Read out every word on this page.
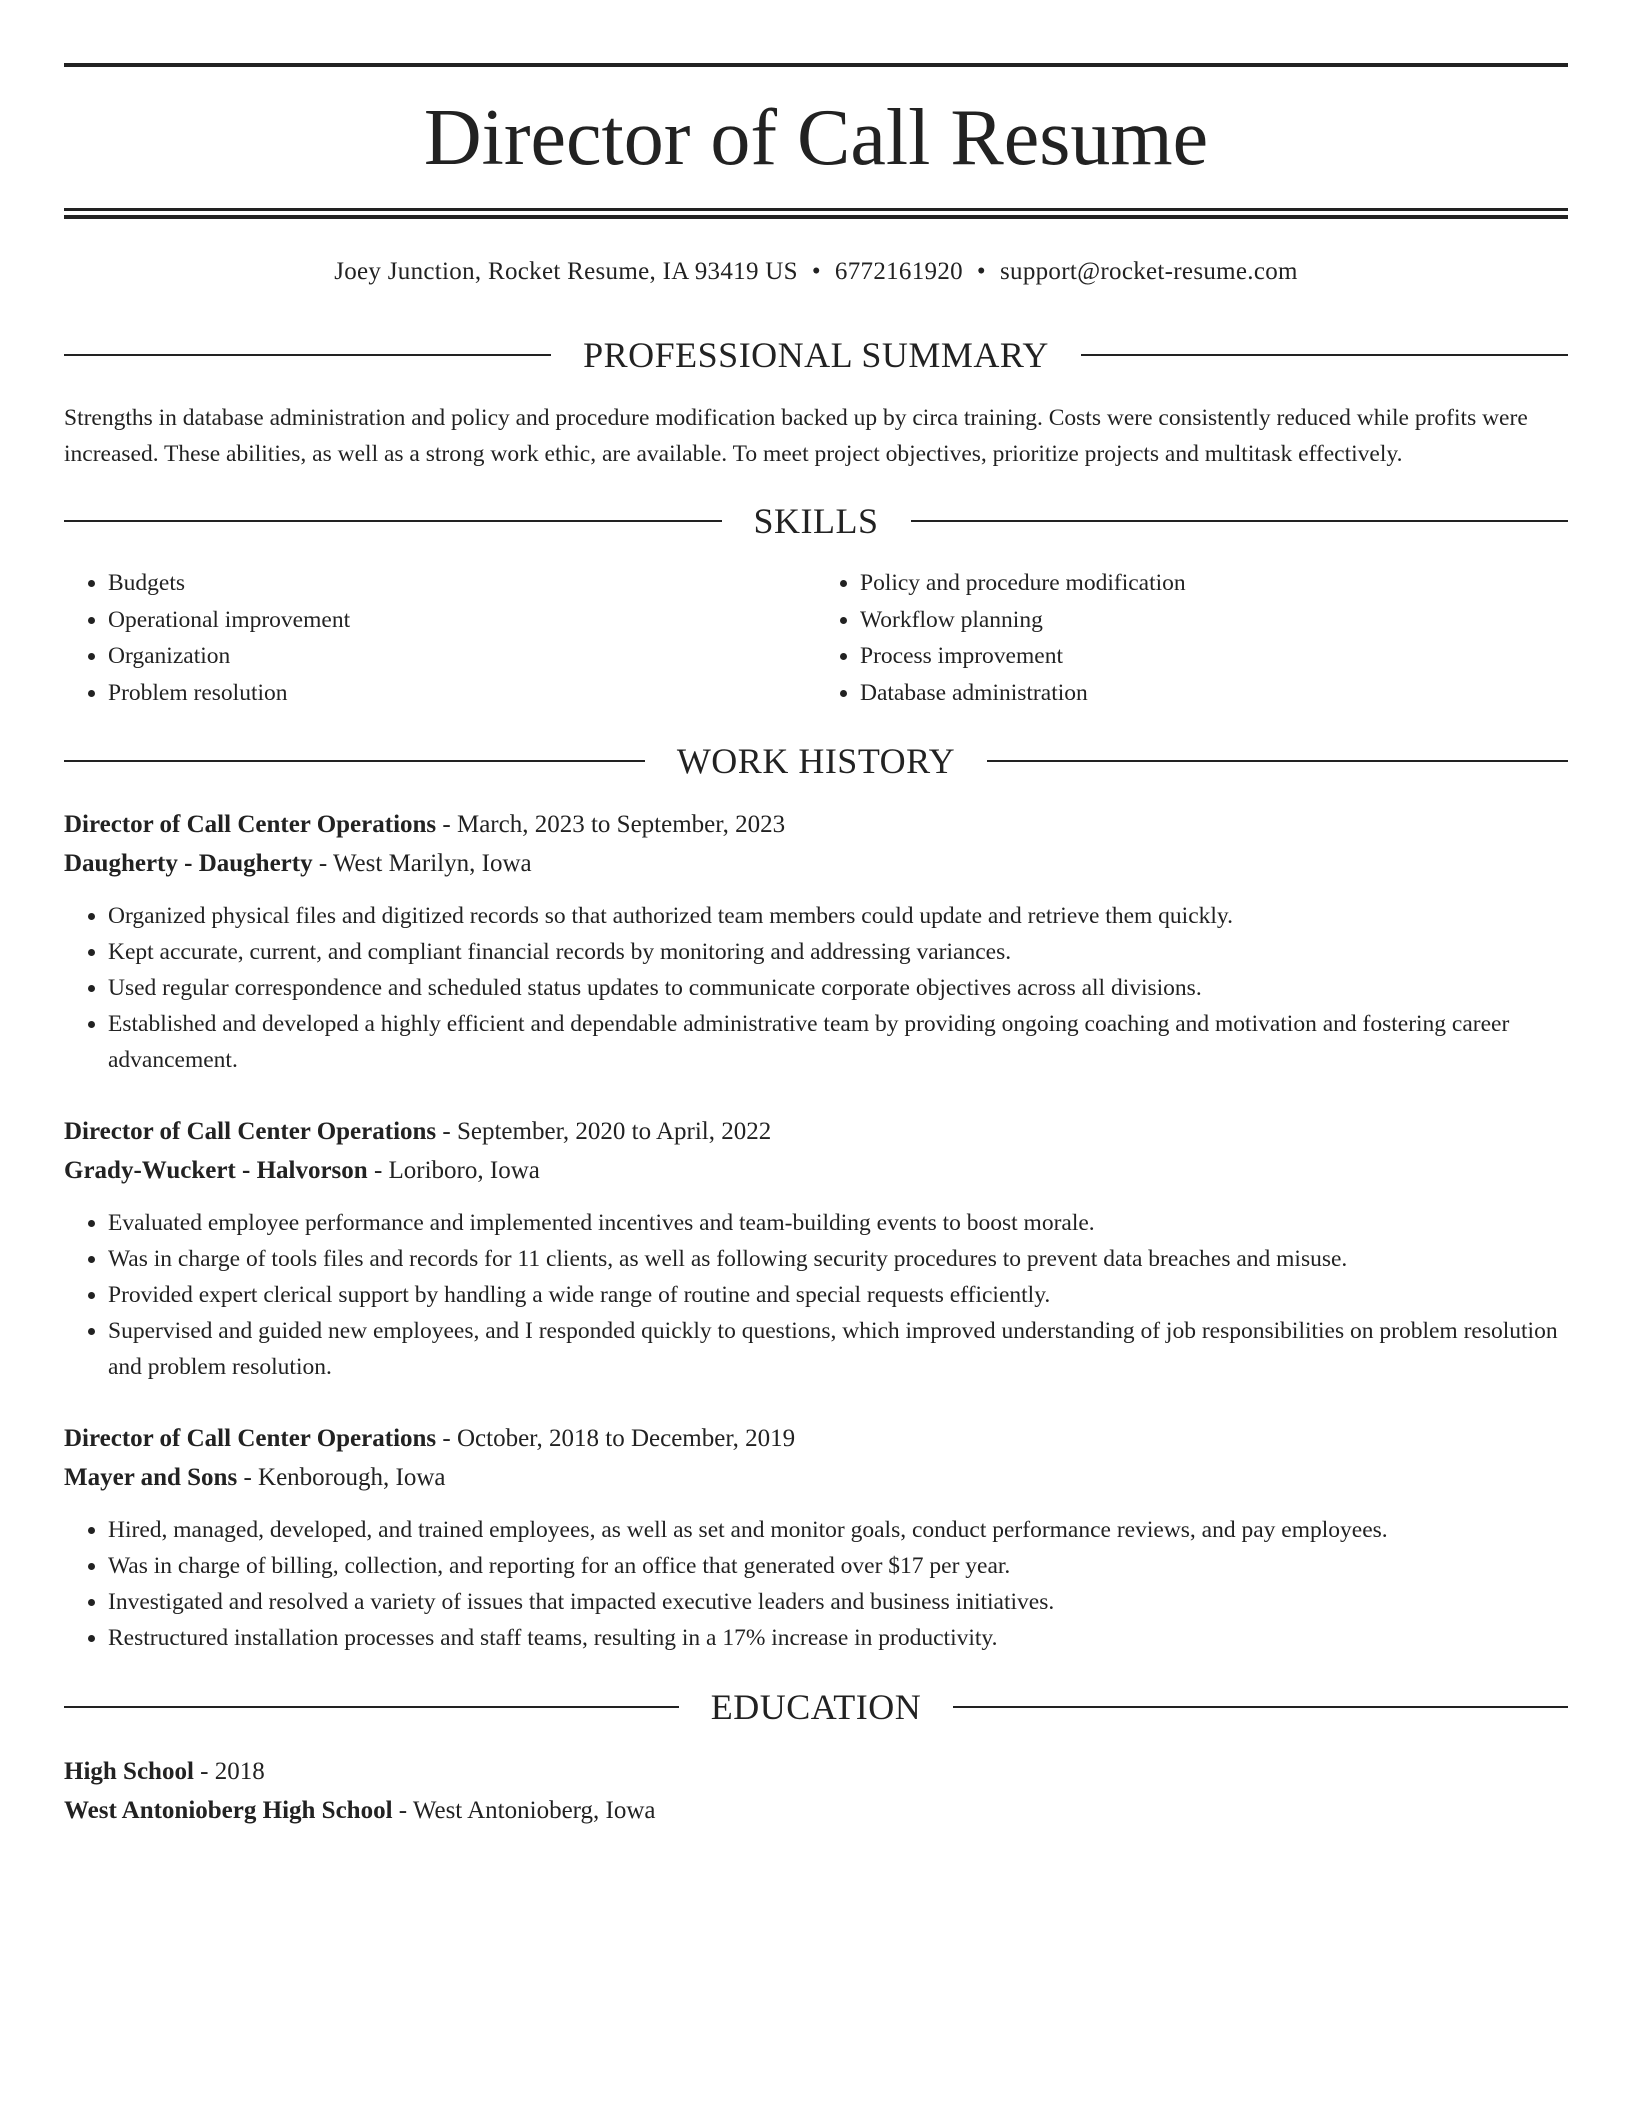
Director of Call Resume
Joey Junction, Rocket Resume, IA 93419 US • 6772161920 • support@rocket-resume.com
PROFESSIONAL SUMMARY

Strengths in database administration and policy and procedure modification backed up by circa training. Costs were consistently reduced while profits were increased. These abilities, as well as a strong work ethic, are available. To meet project objectives, prioritize projects and multitask effectively.

SKILLS
• Budgets
• Operational improvement
• Organization
• Problem resolution
• Policy and procedure modification
• Workflow planning
• Process improvement
• Database administration
WORK HISTORY
Director of Call Center Operations - March, 2023 to September, 2023
Daugherty - Daugherty - West Marilyn, Iowa
• Organized physical files and digitized records so that authorized team members could update and retrieve them quickly.
• Kept accurate, current, and compliant financial records by monitoring and addressing variances.
• Used regular correspondence and scheduled status updates to communicate corporate objectives across all divisions.
• Established and developed a highly efficient and dependable administrative team by providing ongoing coaching and motivation and fostering career advancement.
Director of Call Center Operations - September, 2020 to April, 2022
Grady-Wuckert - Halvorson - Loriboro, Iowa
• Evaluated employee performance and implemented incentives and team-building events to boost morale.
• Was in charge of tools files and records for 11 clients, as well as following security procedures to prevent data breaches and misuse.
• Provided expert clerical support by handling a wide range of routine and special requests efficiently.
• Supervised and guided new employees, and I responded quickly to questions, which improved understanding of job responsibilities on problem resolution and problem resolution.
Director of Call Center Operations - October, 2018 to December, 2019
Mayer and Sons - Kenborough, Iowa
• Hired, managed, developed, and trained employees, as well as set and monitor goals, conduct performance reviews, and pay employees.
• Was in charge of billing, collection, and reporting for an office that generated over $17 per year.
• Investigated and resolved a variety of issues that impacted executive leaders and business initiatives.
• Restructured installation processes and staff teams, resulting in a 17% increase in productivity.
EDUCATION
High School - 2018
West Antonioberg High School - West Antonioberg, Iowa
